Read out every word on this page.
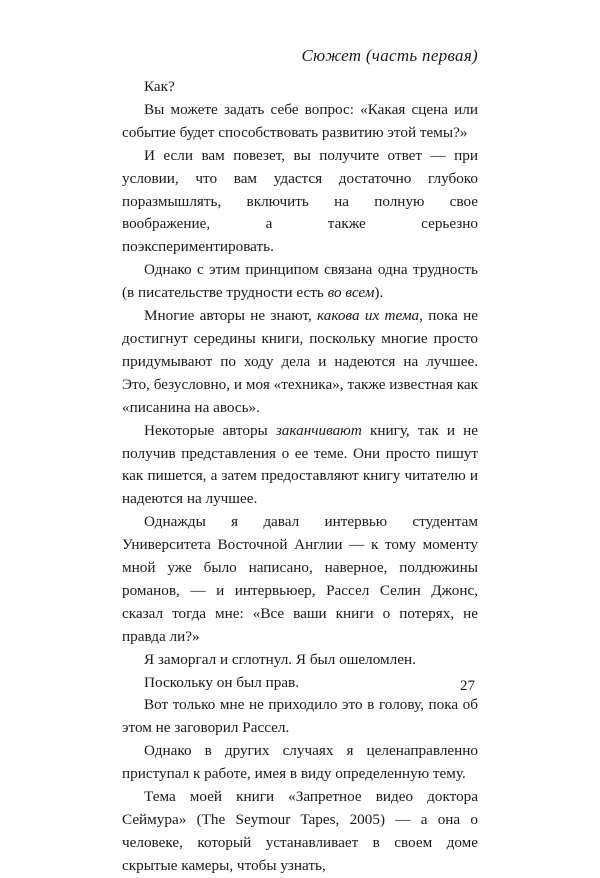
Сюжет (часть первая)

Как?

Вы можете задать себе вопрос: «Какая сцена или событие будет способствовать развитию этой темы?»

И если вам повезет, вы получите ответ — при условии, что вам удастся достаточно глубоко поразмышлять, включить на полную свое воображение, а также серьезно поэкспериментировать.

Однако с этим принципом связана одна трудность (в писательстве трудности есть во всем).

Многие авторы не знают, какова их тема, пока не достигнут середины книги, поскольку многие просто придумывают по ходу дела и надеются на лучшее. Это, безусловно, и моя «техника», также известная как «писанина на авось».

Некоторые авторы заканчивают книгу, так и не получив представления о ее теме. Они просто пишут как пишется, а затем предоставляют книгу читателю и надеются на лучшее.

Однажды я давал интервью студентам Университета Восточной Англии — к тому моменту мной уже было написано, наверное, полдюжины романов, — и интервьюер, Рассел Селин Джонс, сказал тогда мне: «Все ваши книги о потерях, не правда ли?»

Я заморгал и сглотнул. Я был ошеломлен.

Поскольку он был прав.

Вот только мне не приходило это в голову, пока об этом не заговорил Рассел.

Однако в других случаях я целенаправленно приступал к работе, имея в виду определенную тему.

Тема моей книги «Запретное видео доктора Сеймура» (The Seymour Tapes, 2005) — а она о человеке, который устанавливает в своем доме скрытые камеры, чтобы узнать,

27
